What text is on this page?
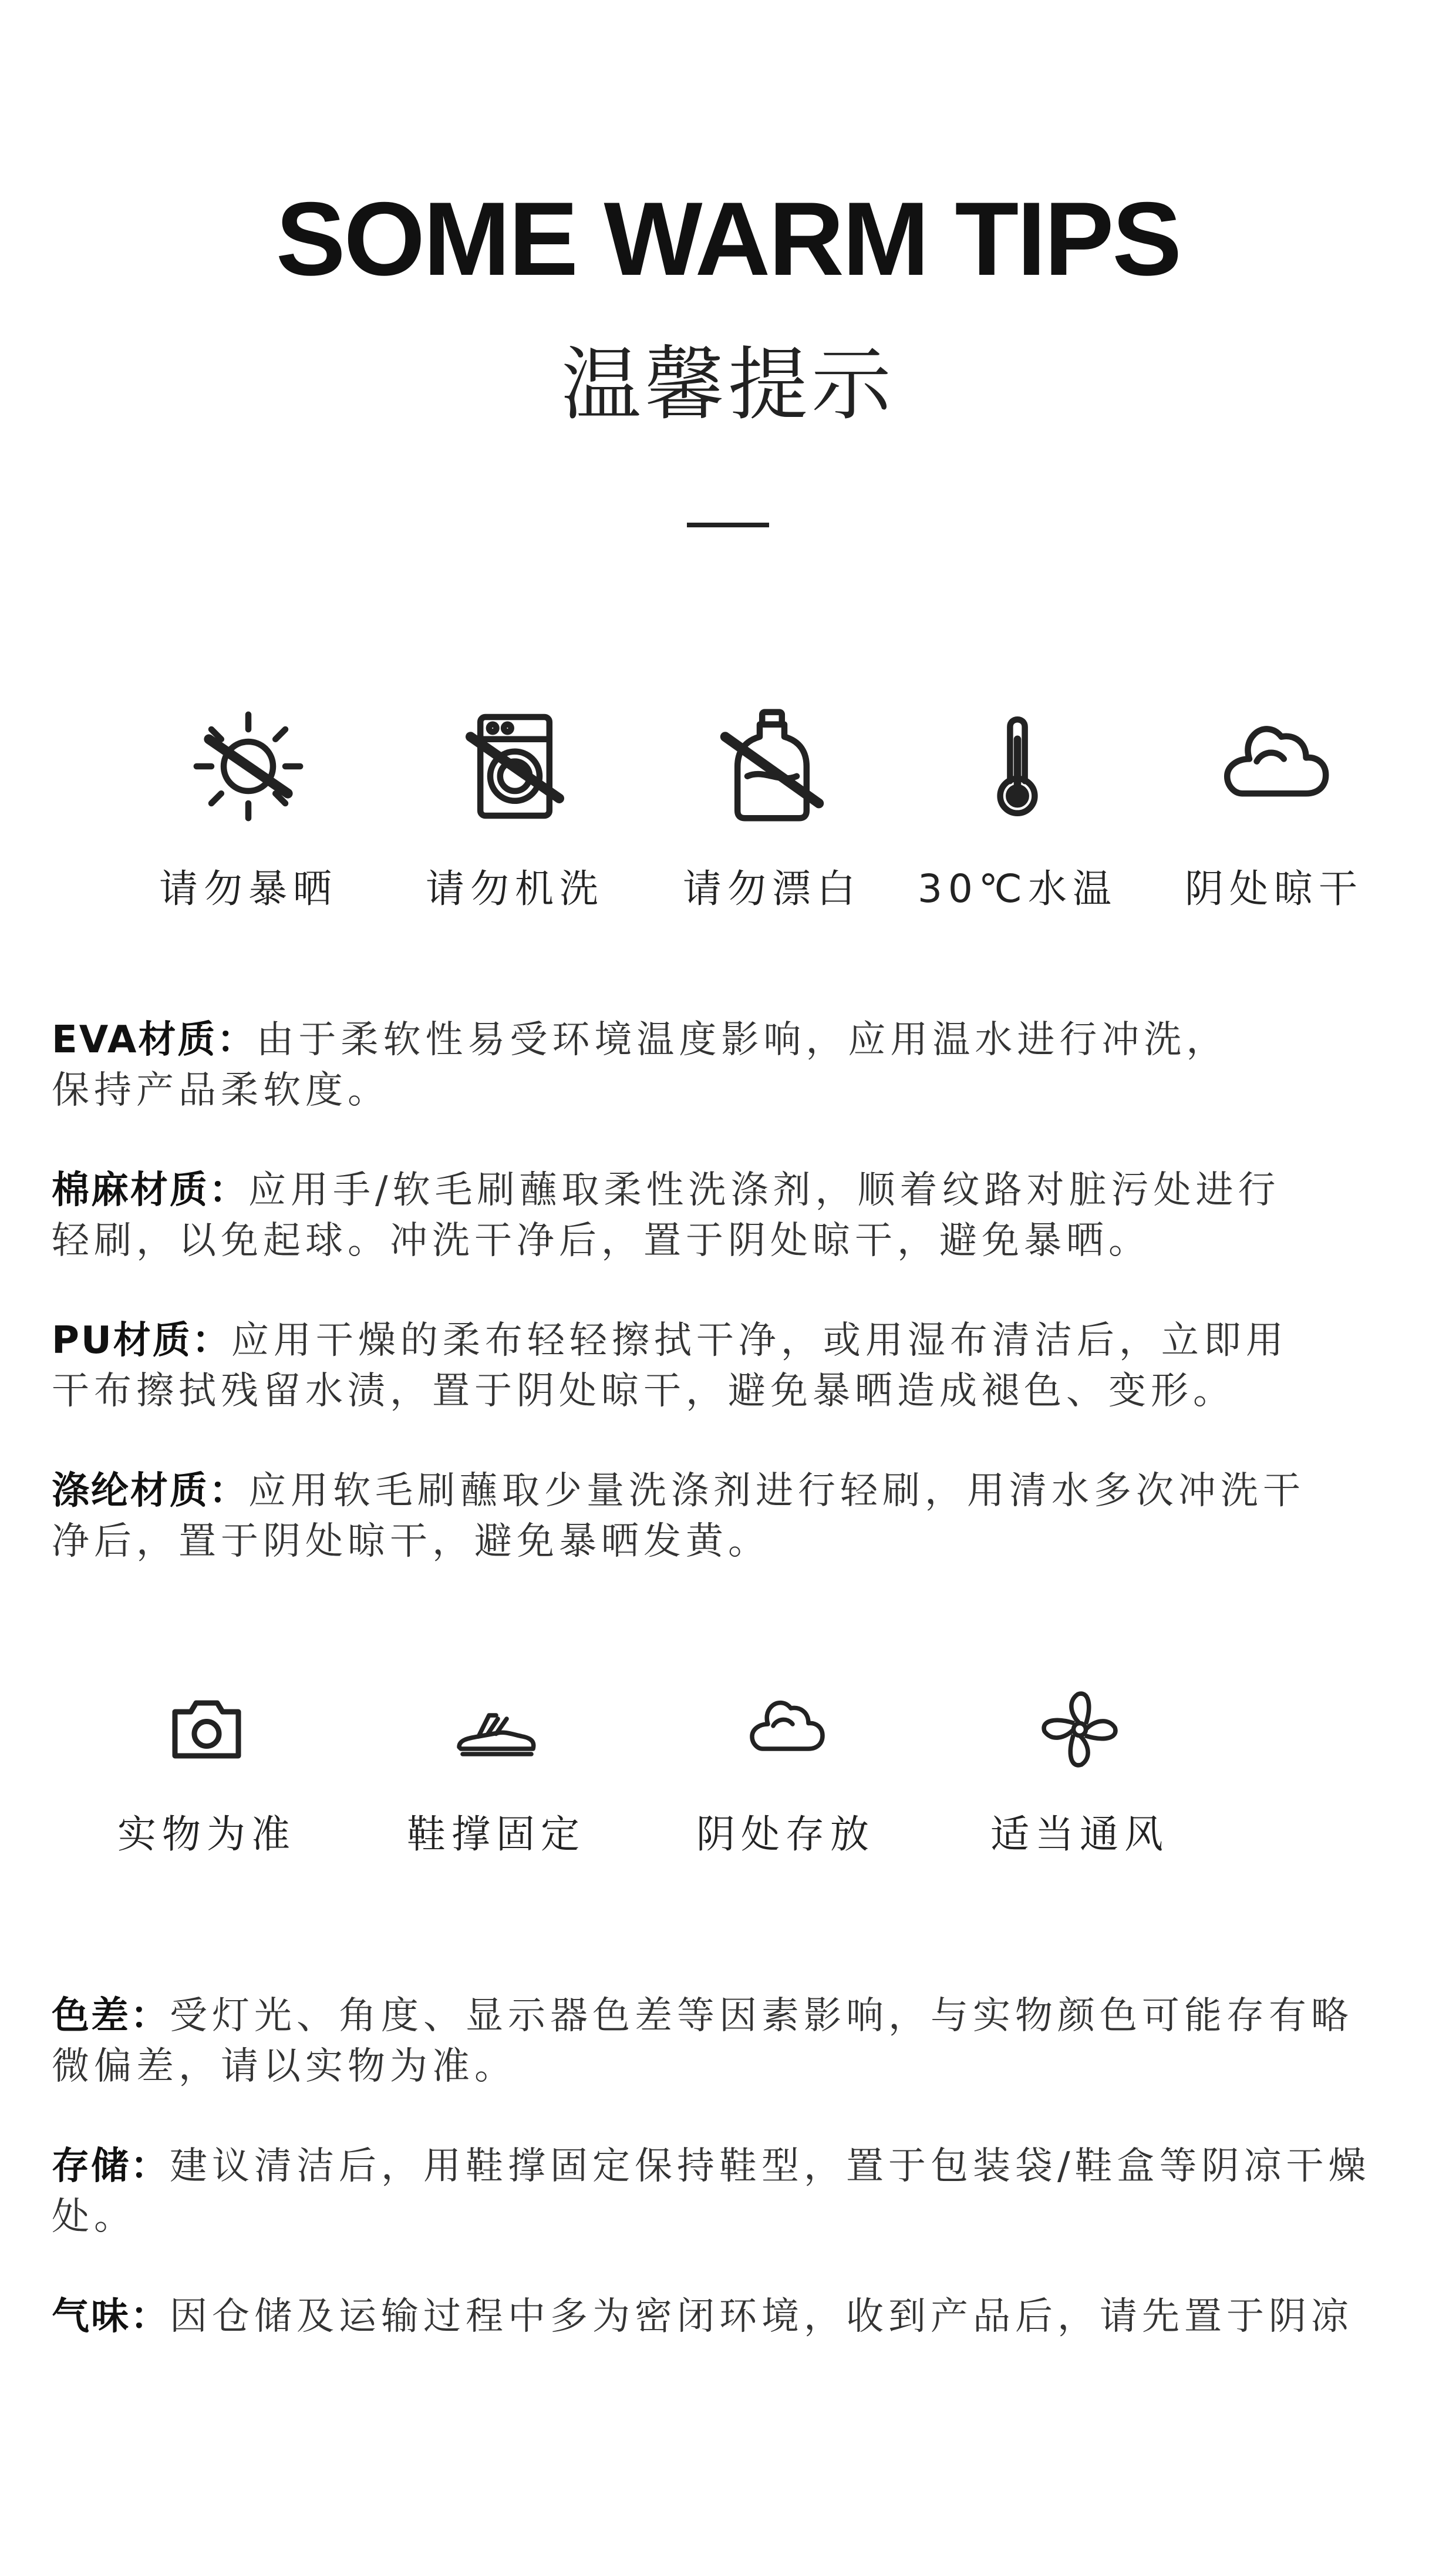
SOME WARM TIPS
温馨提示
请勿暴晒	请勿机洗	请勿漂白	30℃水温	阴处晾干
EVA材质：由于柔软性易受环境温度影响，应用温水进行冲洗，
保持产品柔软度。
棉麻材质：应用手/软毛刷蘸取柔性洗涤剂，顺着纹路对脏污处进行
轻刷，以免起球。冲洗干净后，置于阴处晾干，避免暴晒。
PU材质：应用干燥的柔布轻轻擦拭干净，或用湿布清洁后，立即用
干布擦拭残留水渍，置于阴处晾干，避免暴晒造成褪色、变形。
涤纶材质：应用软毛刷蘸取少量洗涤剂进行轻刷，用清水多次冲洗干
净后，置于阴处晾干，避免暴晒发黄。
实物为准	鞋撑固定	阴处存放	适当通风
色差：受灯光、角度、显示器色差等因素影响，与实物颜色可能存有略
微偏差，请以实物为准。
存储：建议清洁后，用鞋撑固定保持鞋型，置于包装袋/鞋盒等阴凉干燥
处。
气味：因仓储及运输过程中多为密闭环境，收到产品后，请先置于阴凉
